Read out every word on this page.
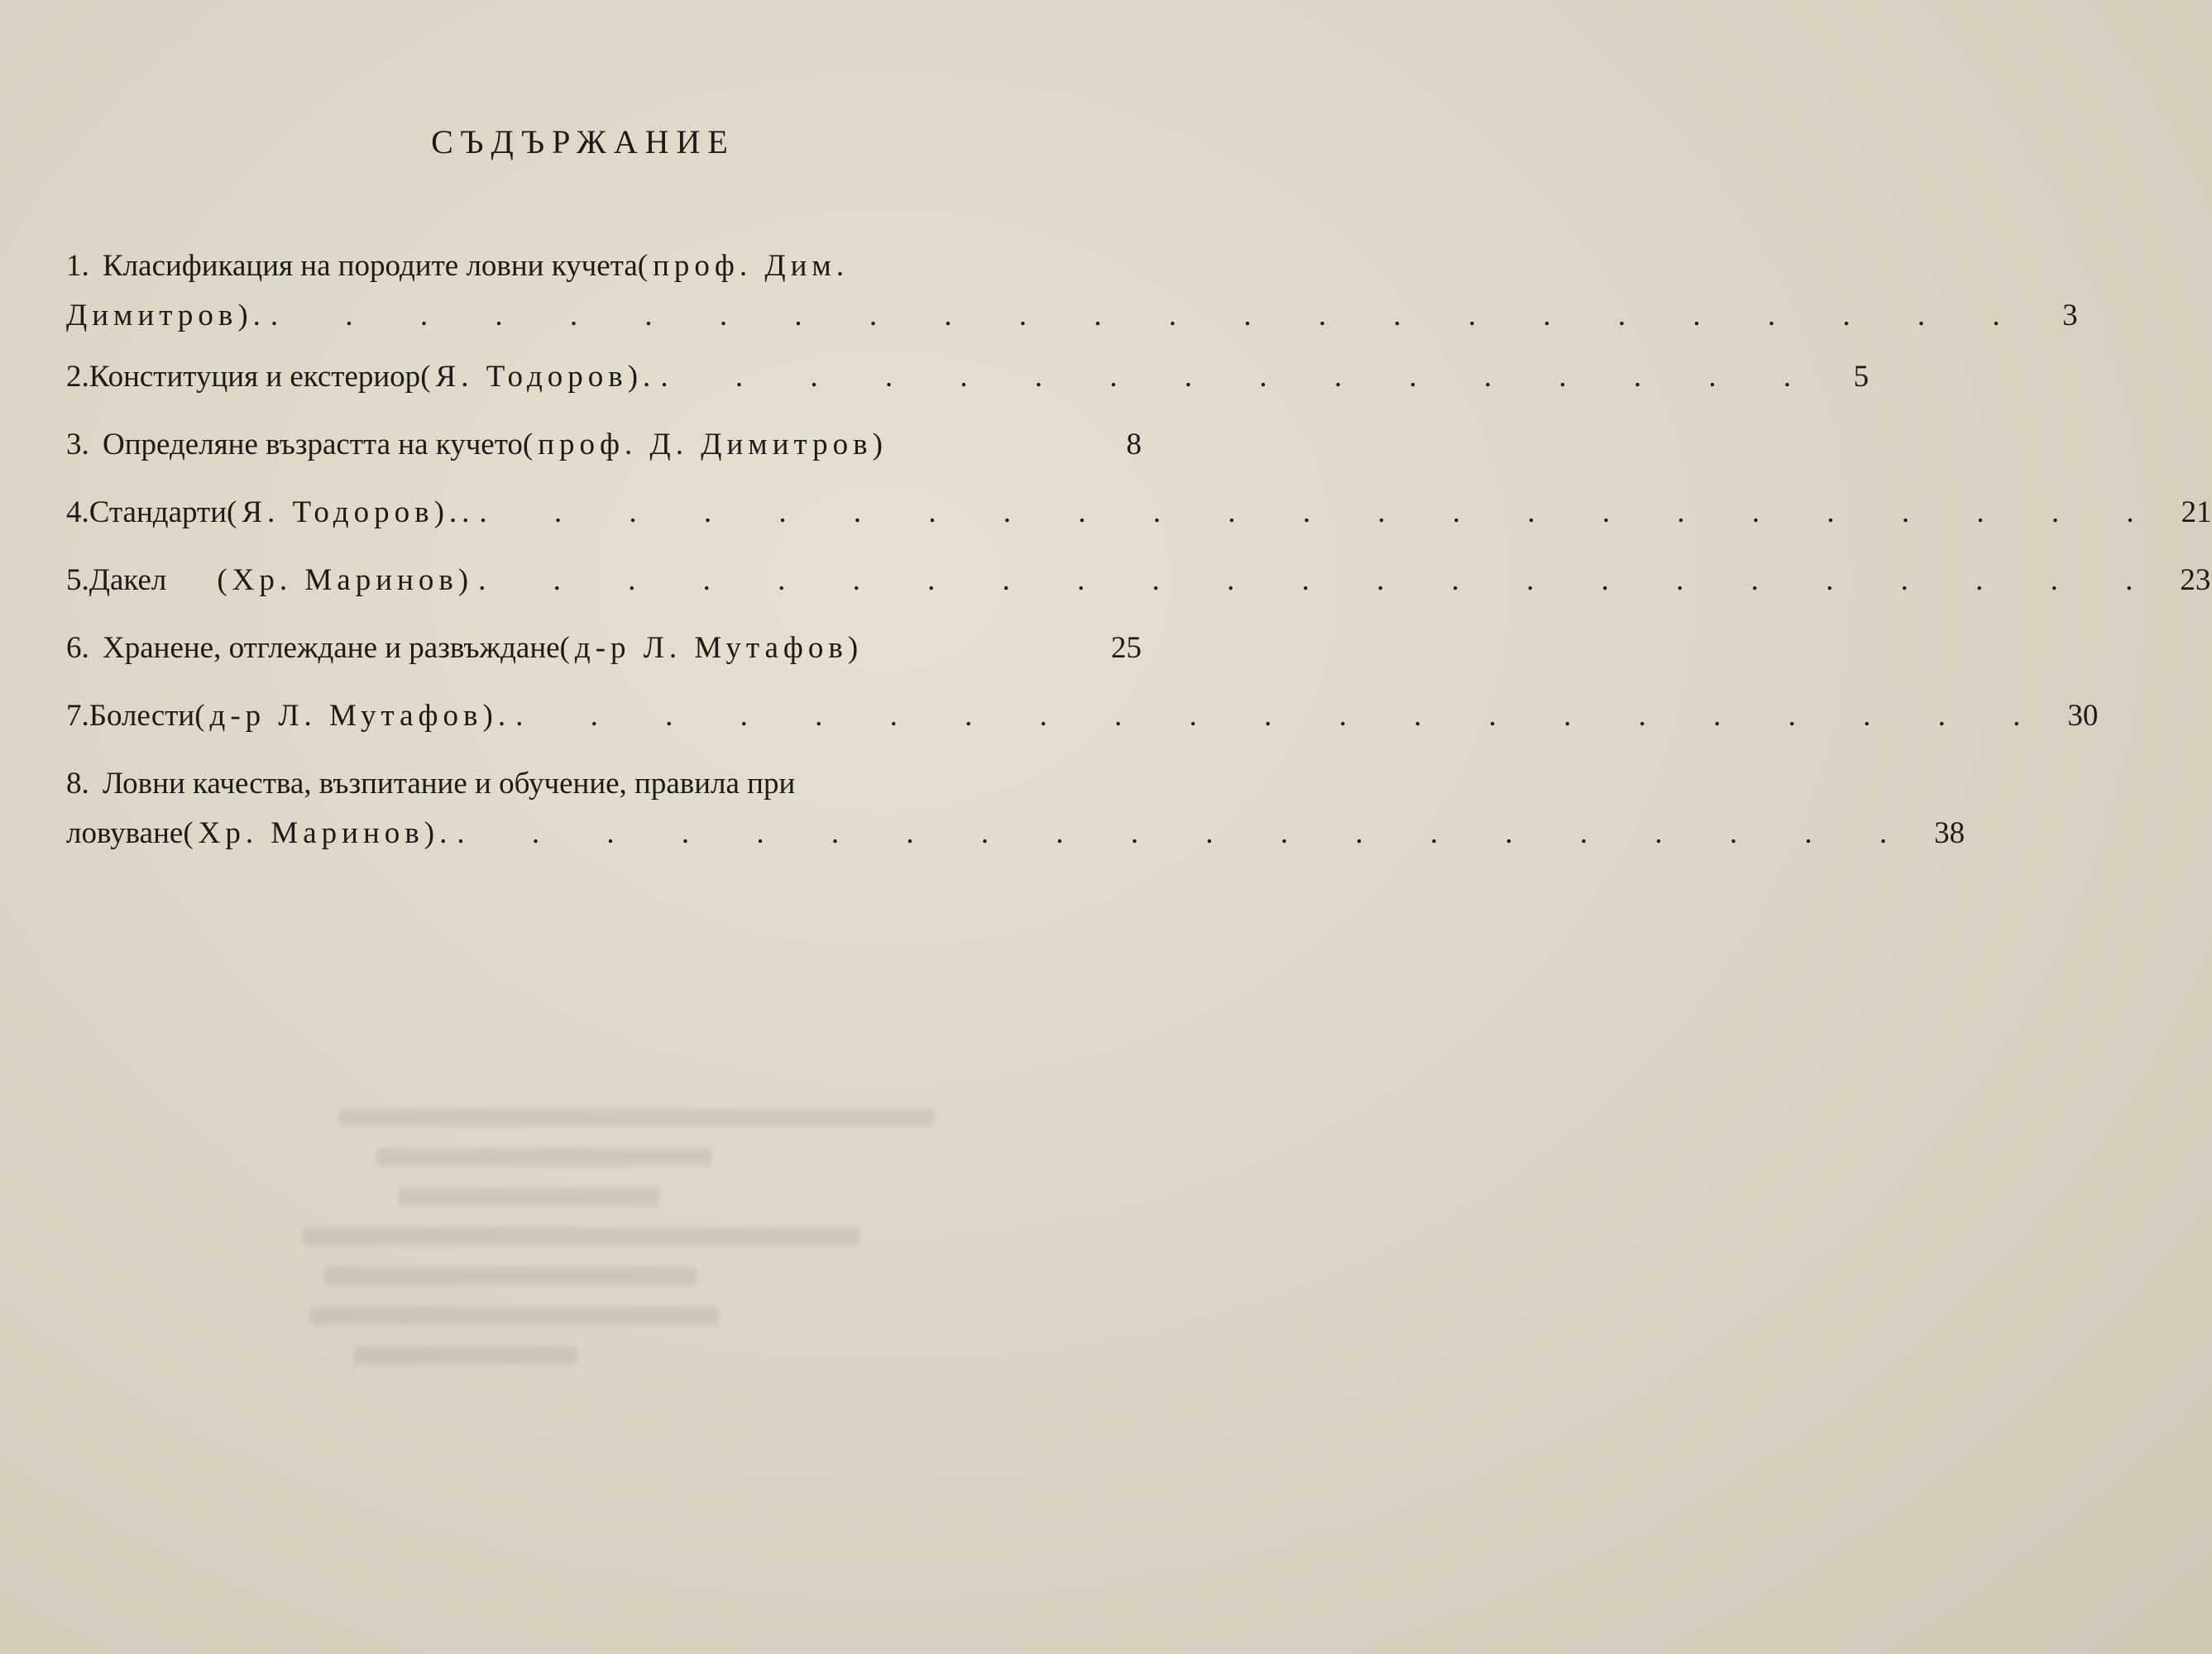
СЪДЪРЖАНИЕ
1. Класификация на породите ловни кучета (проф. Дим.
Димитров). . . . . . . . . . . . . . . . . . . . . . . . .	3
2. Конституция и екстериор (Я. Тодоров). . . . . . . . . . . . . . . . .	5
3. Определяне възрастта на кучето (проф. Д. Димитров)	8
4. Стандарти (Я. Тодоров).. . . . . . . . . . . . . . . . . . . . . . . . 21
5. Дакел (Хр. Маринов) . . . . . . . . . . . . . . . . . . . . . . . 23
6. Хранене, отглеждане и развъждане (д-р Л. Мутафов)	25
7. Болести (д-р Л. Мутафов). . . . . . . . . . . . . . . . . . . . . . 30
8. Ловни качества, възпитание и обучение, правила при
ловуване (Хр. Маринов). . . . . . . . . . . . . . . . . . . . . 38
